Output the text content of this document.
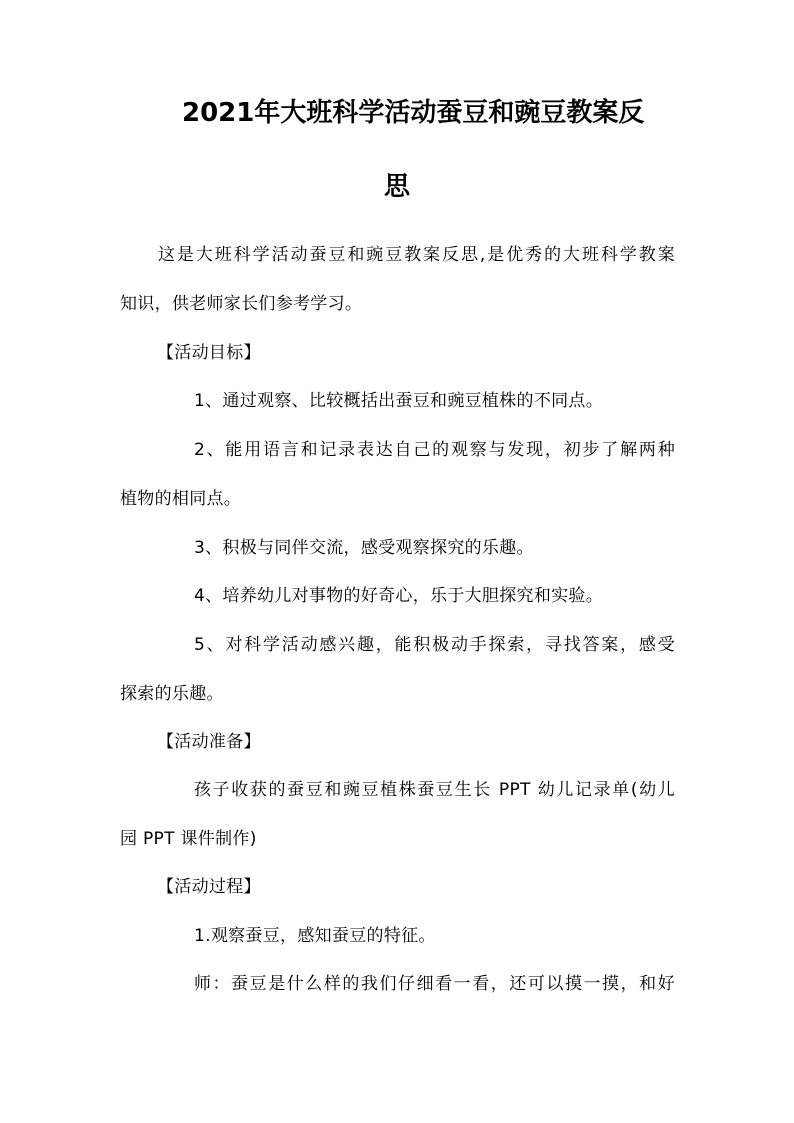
2021年大班科学活动蚕豆和豌豆教案反
思
这是大班科学活动蚕豆和豌豆教案反思,是优秀的大班科学教案
知识，供老师家长们参考学习。
【活动目标】
1、通过观察、比较概括出蚕豆和豌豆植株的不同点。
2、能用语言和记录表达自己的观察与发现，初步了解两种
植物的相同点。
3、积极与同伴交流，感受观察探究的乐趣。
4、培养幼儿对事物的好奇心，乐于大胆探究和实验。
5、对科学活动感兴趣，能积极动手探索，寻找答案，感受
探索的乐趣。
【活动准备】
孩子收获的蚕豆和豌豆植株蚕豆生长 PPT 幼儿记录单(幼儿
园 PPT 课件制作)
【活动过程】
1.观察蚕豆，感知蚕豆的特征。
师：蚕豆是什么样的我们仔细看一看，还可以摸一摸，和好
